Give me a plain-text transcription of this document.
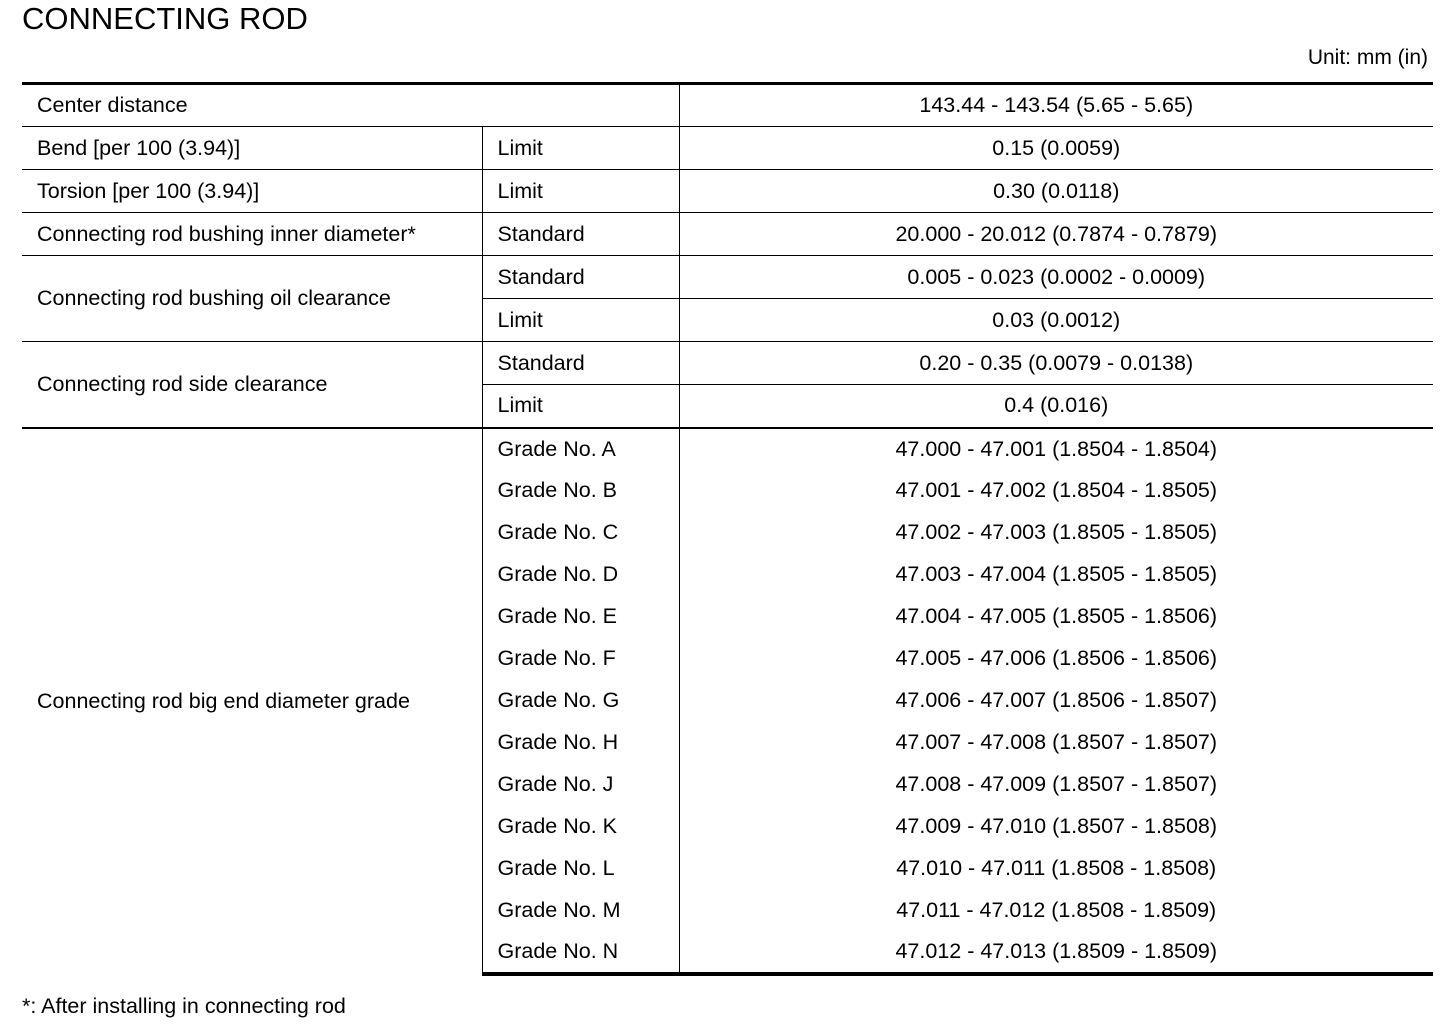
CONNECTING ROD
Unit: mm (in)
Center distance		143.44 - 143.54 (5.65 - 5.65)
Bend [per 100 (3.94)]	Limit	0.15 (0.0059)
Torsion [per 100 (3.94)]	Limit	0.30 (0.0118)
Connecting rod bushing inner diameter*	Standard	20.000 - 20.012 (0.7874 - 0.7879)
Connecting rod bushing oil clearance	Standard	0.005 - 0.023 (0.0002 - 0.0009)
	Limit	0.03 (0.0012)
Connecting rod side clearance	Standard	0.20 - 0.35 (0.0079 - 0.0138)
	Limit	0.4 (0.016)
Connecting rod big end diameter grade	Grade No. A	47.000 - 47.001 (1.8504 - 1.8504)
	Grade No. B	47.001 - 47.002 (1.8504 - 1.8505)
	Grade No. C	47.002 - 47.003 (1.8505 - 1.8505)
	Grade No. D	47.003 - 47.004 (1.8505 - 1.8505)
	Grade No. E	47.004 - 47.005 (1.8505 - 1.8506)
	Grade No. F	47.005 - 47.006 (1.8506 - 1.8506)
	Grade No. G	47.006 - 47.007 (1.8506 - 1.8507)
	Grade No. H	47.007 - 47.008 (1.8507 - 1.8507)
	Grade No. J	47.008 - 47.009 (1.8507 - 1.8507)
	Grade No. K	47.009 - 47.010 (1.8507 - 1.8508)
	Grade No. L	47.010 - 47.011 (1.8508 - 1.8508)
	Grade No. M	47.011 - 47.012 (1.8508 - 1.8509)
	Grade No. N	47.012 - 47.013 (1.8509 - 1.8509)
*: After installing in connecting rod
